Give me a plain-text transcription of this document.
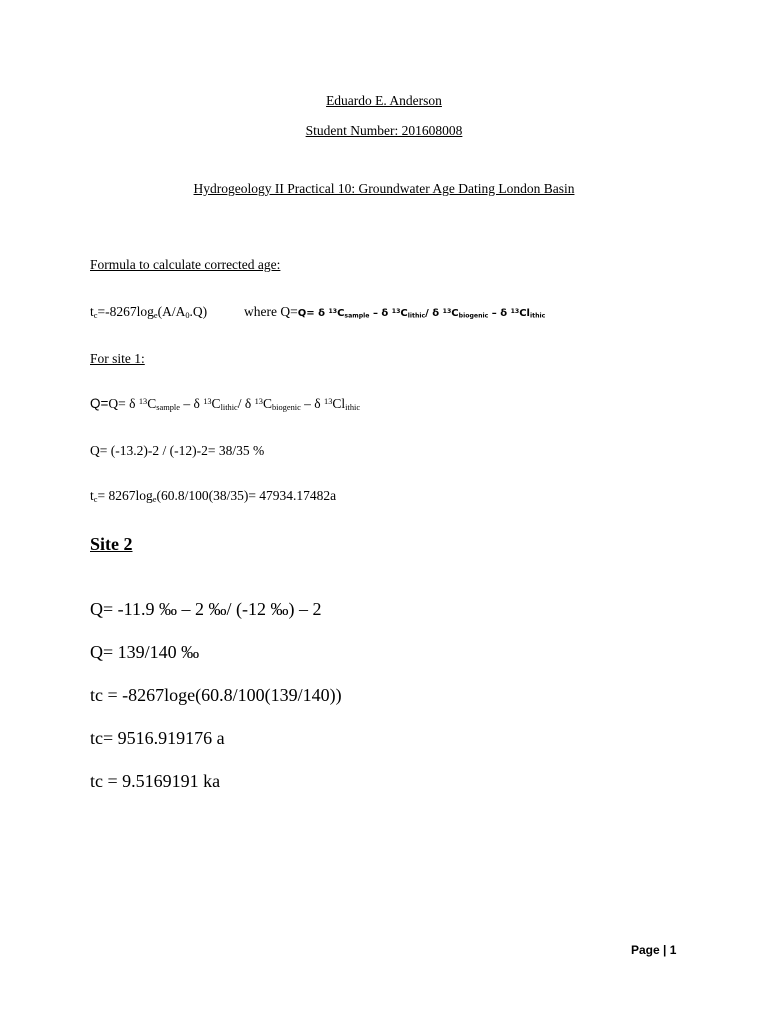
Eduardo E. Anderson
Student Number: 201608008
Hydrogeology II Practical 10: Groundwater Age Dating London Basin
Formula to calculate corrected age:
$t_c=-8267\log_e(A/A_0.Q)$	where Q=Q= δ $^{13}C_{sample}$ – δ $^{13}C_{lithic}/$ δ $^{13}C_{biogenic}$ – δ $^{13}Cl_{ithic}$
For site 1:
Q=Q= δ $^{13}C_{sample}$ – δ $^{13}C_{lithic}/$ δ $^{13}C_{biogenic}$ – δ $^{13}Cl_{ithic}$
Q= (-13.2)-2 / (-12)-2= 38/35 %
$t_c= 8267\log_e(60.8/100(38/35)= 47934.17482a$
Site 2
Q= -11.9 ‰ – 2 ‰/ (-12 ‰) – 2
Q= 139/140 ‰
tc = -8267loge(60.8/100(139/140))
tc= 9516.919176 a
tc = 9.5169191 ka
Page | 1
